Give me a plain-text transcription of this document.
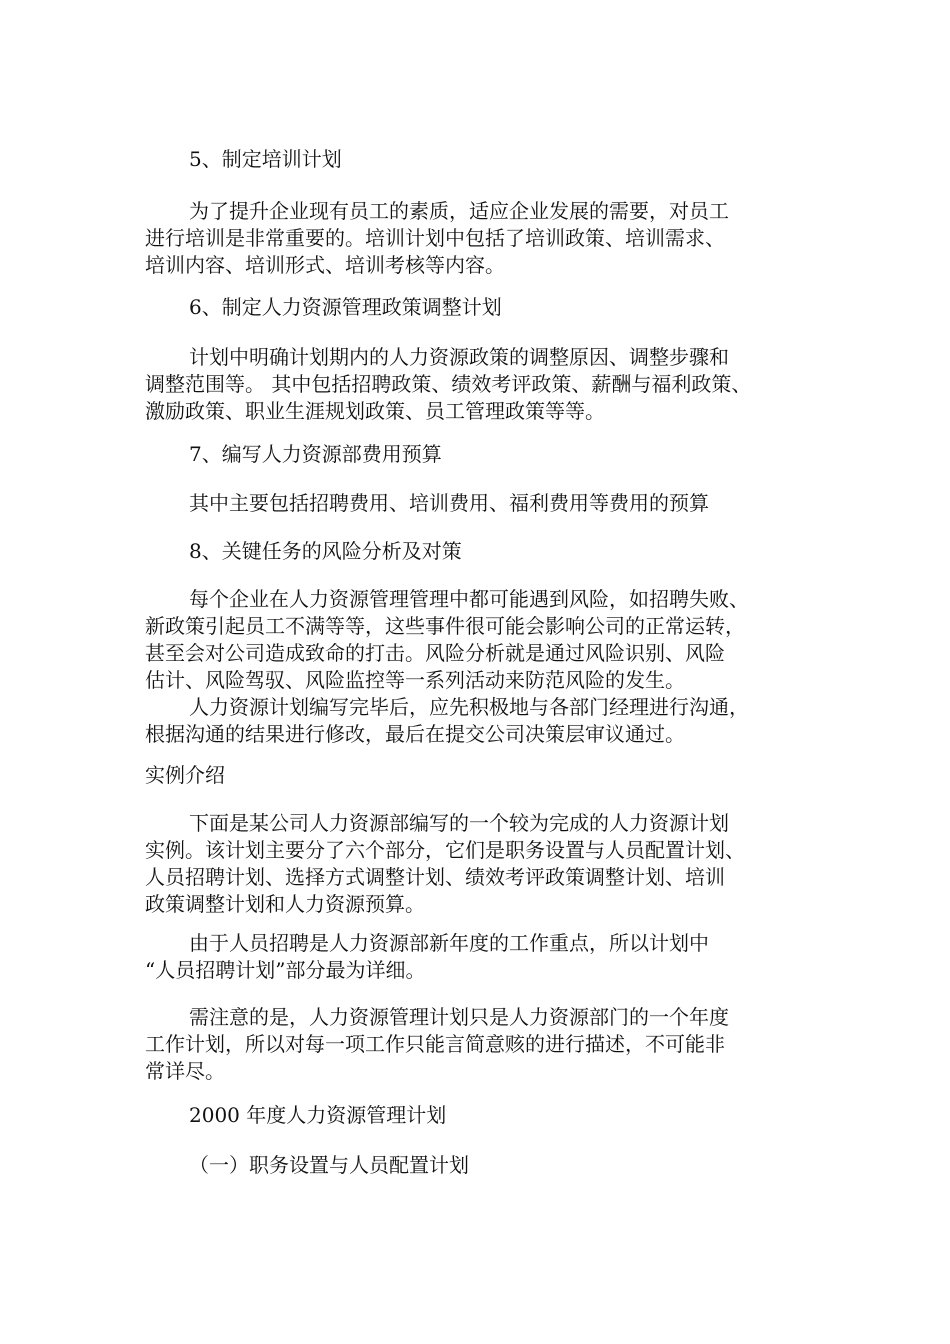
5、制定培训计划
为了提升企业现有员工的素质，适应企业发展的需要，对员工
进行培训是非常重要的。培训计划中包括了培训政策、培训需求、
培训内容、培训形式、培训考核等内容。
6、制定人力资源管理政策调整计划
计划中明确计划期内的人力资源政策的调整原因、调整步骤和
调整范围等。 其中包括招聘政策、绩效考评政策、薪酬与福利政策、
激励政策、职业生涯规划政策、员工管理政策等等。
7、编写人力资源部费用预算
其中主要包括招聘费用、培训费用、福利费用等费用的预算
8、关键任务的风险分析及对策
每个企业在人力资源管理管理中都可能遇到风险，如招聘失败、
新政策引起员工不满等等，这些事件很可能会影响公司的正常运转，
甚至会对公司造成致命的打击。风险分析就是通过风险识别、风险
估计、风险驾驭、风险监控等一系列活动来防范风险的发生。
人力资源计划编写完毕后，应先积极地与各部门经理进行沟通，
根据沟通的结果进行修改，最后在提交公司决策层审议通过。
实例介绍
下面是某公司人力资源部编写的一个较为完成的人力资源计划
实例。该计划主要分了六个部分，它们是职务设置与人员配置计划、
人员招聘计划、选择方式调整计划、绩效考评政策调整计划、培训
政策调整计划和人力资源预算。
由于人员招聘是人力资源部新年度的工作重点，所以计划中
“人员招聘计划”部分最为详细。
需注意的是，人力资源管理计划只是人力资源部门的一个年度
工作计划，所以对每一项工作只能言简意赅的进行描述，不可能非
常详尽。
2000 年度人力资源管理计划
（一）职务设置与人员配置计划
